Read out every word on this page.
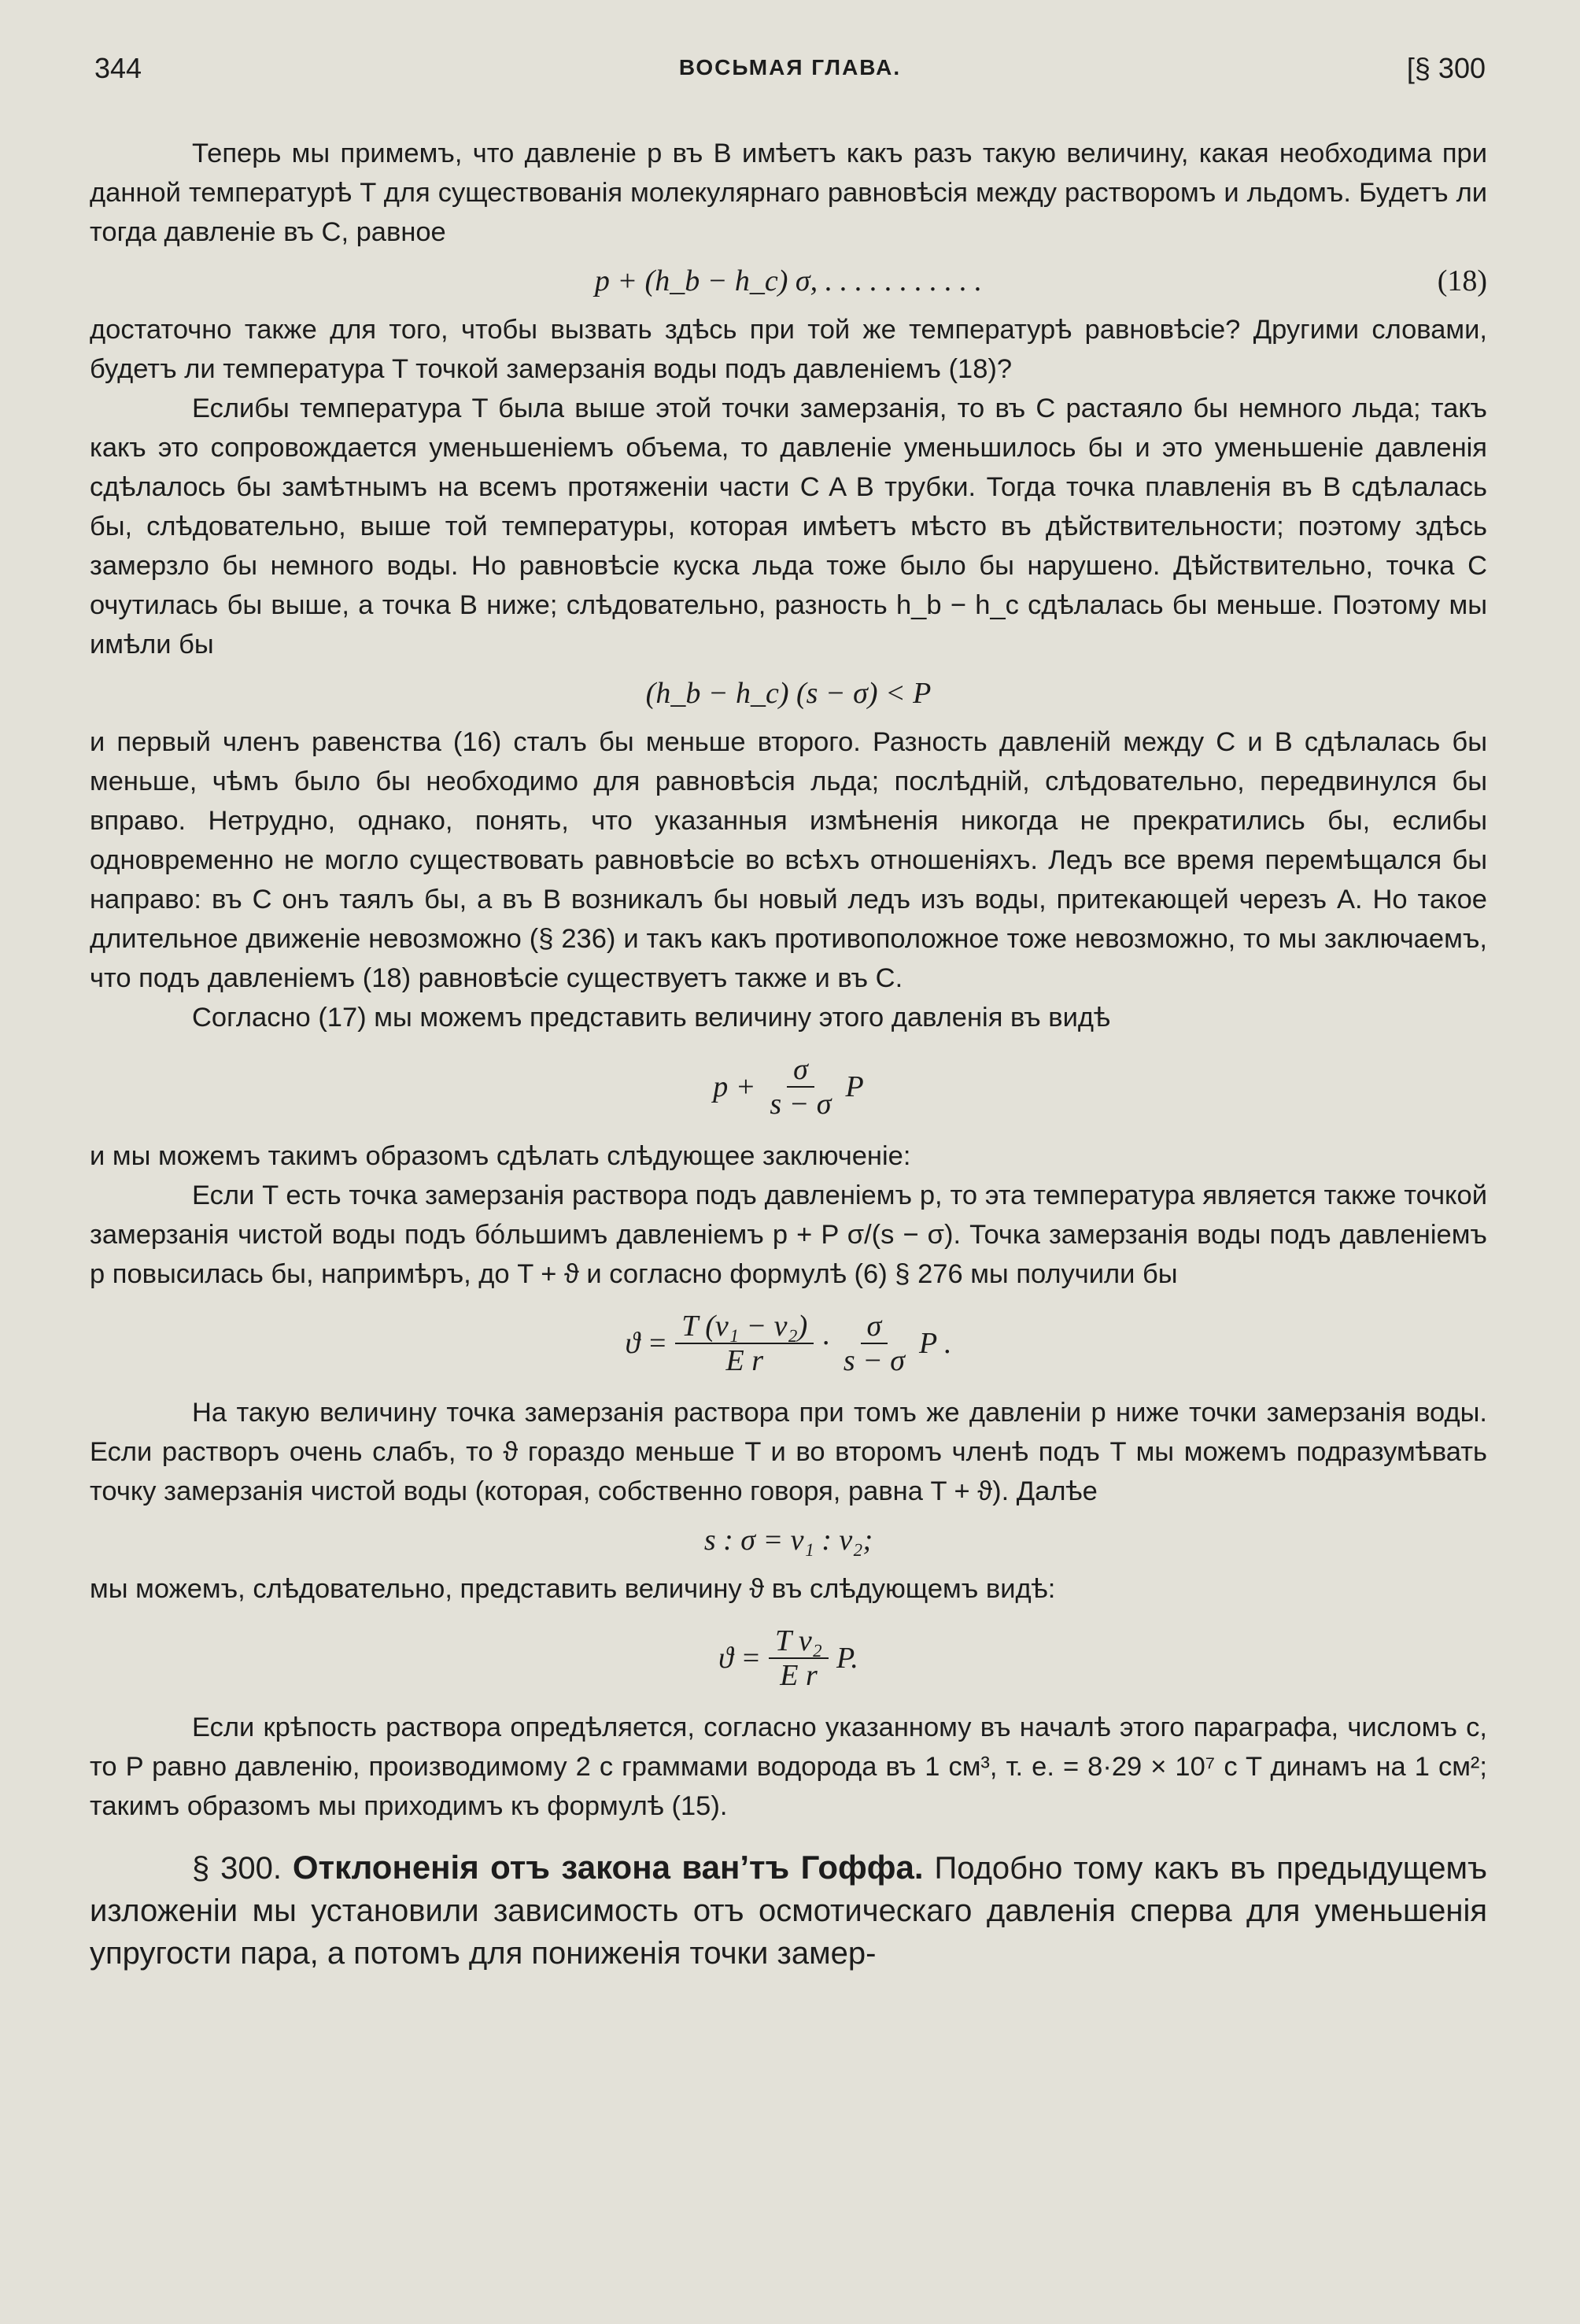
344	ВОСЬМАЯ ГЛАВА.	[§ 300

Теперь мы примемъ, что давленіе p въ B имѣетъ какъ разъ такую величину, какая необходима при данной температурѣ T для существованія молекулярнаго равновѣсія между растворомъ и льдомъ. Будетъ ли тогда давленіе въ C, равное

p + (h_b − h_c) σ, . . . . . . . . . . .	(18)

достаточно также для того, чтобы вызвать здѣсь при той же температурѣ равновѣсіе? Другими словами, будетъ ли температура T точкой замерзанія воды подъ давленіемъ (18)?

Еслибы температура T была выше этой точки замерзанія, то въ C растаяло бы немного льда; такъ какъ это сопровождается уменьшеніемъ объема, то давленіе уменьшилось бы и это уменьшеніе давленія сдѣлалось бы замѣтнымъ на всемъ протяженіи части C A B трубки. Тогда точка плавленія въ B сдѣлалась бы, слѣдовательно, выше той температуры, которая имѣетъ мѣсто въ дѣйствительности; поэтому здѣсь замерзло бы немного воды. Но равновѣсіе куска льда тоже было бы нарушено. Дѣйствительно, точка C очутилась бы выше, а точка B ниже; слѣдовательно, разность h_b − h_c сдѣлалась бы меньше. Поэтому мы имѣли бы

(h_b − h_c) (s − σ) < P

и первый членъ равенства (16) сталъ бы меньше второго. Разность давленій между C и B сдѣлалась бы меньше, чѣмъ было бы необходимо для равновѣсія льда; послѣдній, слѣдовательно, передвинулся бы вправо. Нетрудно, однако, понять, что указанныя измѣненія никогда не прекратились бы, еслибы одновременно не могло существовать равновѣсіе во всѣхъ отношеніяхъ. Ледъ все время перемѣщался бы направо: въ C онъ таялъ бы, а въ B возникалъ бы новый ледъ изъ воды, притекающей черезъ A. Но такое длительное движеніе невозможно (§ 236) и такъ какъ противоположное тоже невозможно, то мы заключаемъ, что подъ давленіемъ (18) равновѣсіе существуетъ также и въ C.

Согласно (17) мы можемъ представить величину этого давленія въ видѣ

$p + \frac{\sigma}{s - \sigma}$ P

и мы можемъ такимъ образомъ сдѣлать слѣдующее заключеніе:

Если T есть точка замерзанія раствора подъ давленіемъ p, то эта температура является также точкой замерзанія чистой воды подъ бóльшимъ давленіемъ p + P σ/(s − σ). Точка замерзанія воды подъ давленіемъ p повысилась бы, напримѣръ, до T + ϑ и согласно формулѣ (6) § 276 мы получили бы

$ϑ = \frac{\text{T (v₁ − v₂)}}{\text{E r}} \cdot \frac{\sigma}{s - \sigma}$ P .

На такую величину точка замерзанія раствора при томъ же давленіи p ниже точки замерзанія воды. Если растворъ очень слабъ, то ϑ гораздо меньше T и во второмъ членѣ подъ T мы можемъ подразумѣвать точку замерзанія чистой воды (которая, собственно говоря, равна T + ϑ). Далѣе

s : σ = v₁ : v₂;

мы можемъ, слѣдовательно, представить величину ϑ въ слѣдующемъ видѣ:

$ϑ = \frac{\text{T v₂}}{\text{E r}} P$.

Если крѣпость раствора опредѣляется, согласно указанному въ началѣ этого параграфа, числомъ c, то P равно давленію, производимому 2 c граммами водорода въ 1 см³, т. е. = 8·29 × 10⁷ c T динамъ на 1 см²; такимъ образомъ мы приходимъ къ формулѣ (15).

§ 300. Отклоненія отъ закона ванʼтъ Гоффа. Подобно тому какъ въ предыдущемъ изложеніи мы установили зависимость отъ осмотическаго давленія сперва для уменьшенія упругости пара, а потомъ для пониженія точки замер-
